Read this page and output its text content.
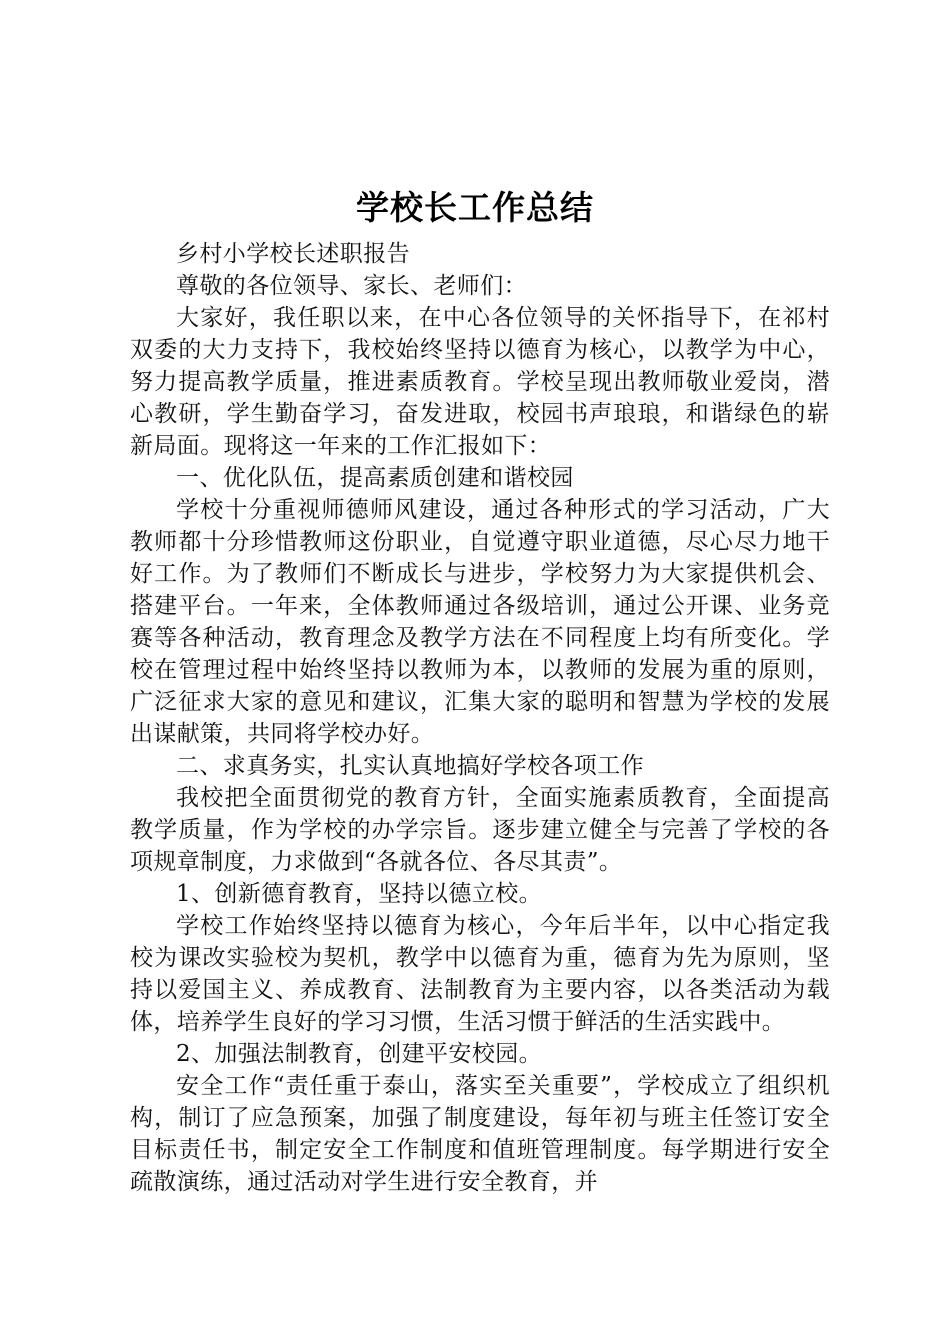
学校长工作总结

乡村小学校长述职报告

尊敬的各位领导、家长、老师们：

大家好，我任职以来，在中心各位领导的关怀指导下，在祁村双委的大力支持下，我校始终坚持以德育为核心，以教学为中心，努力提高教学质量，推进素质教育。学校呈现出教师敬业爱岗，潜心教研，学生勤奋学习，奋发进取，校园书声琅琅，和谐绿色的崭新局面。现将这一年来的工作汇报如下：

一、优化队伍，提高素质创建和谐校园

学校十分重视师德师风建设，通过各种形式的学习活动，广大教师都十分珍惜教师这份职业，自觉遵守职业道德，尽心尽力地干好工作。为了教师们不断成长与进步，学校努力为大家提供机会、搭建平台。一年来，全体教师通过各级培训，通过公开课、业务竞赛等各种活动，教育理念及教学方法在不同程度上均有所变化。学校在管理过程中始终坚持以教师为本，以教师的发展为重的原则，广泛征求大家的意见和建议，汇集大家的聪明和智慧为学校的发展出谋献策，共同将学校办好。

二、求真务实，扎实认真地搞好学校各项工作

我校把全面贯彻党的教育方针，全面实施素质教育，全面提高教学质量，作为学校的办学宗旨。逐步建立健全与完善了学校的各项规章制度，力求做到“各就各位、各尽其责”。

1、创新德育教育，坚持以德立校。

学校工作始终坚持以德育为核心，今年后半年，以中心指定我校为课改实验校为契机，教学中以德育为重，德育为先为原则，坚持以爱国主义、养成教育、法制教育为主要内容，以各类活动为载体，培养学生良好的学习习惯，生活习惯于鲜活的生活实践中。

2、加强法制教育，创建平安校园。

安全工作“责任重于泰山，落实至关重要”，学校成立了组织机构，制订了应急预案，加强了制度建设，每年初与班主任签订安全目标责任书，制定安全工作制度和值班管理制度。每学期进行安全疏散演练，通过活动对学生进行安全教育，并
